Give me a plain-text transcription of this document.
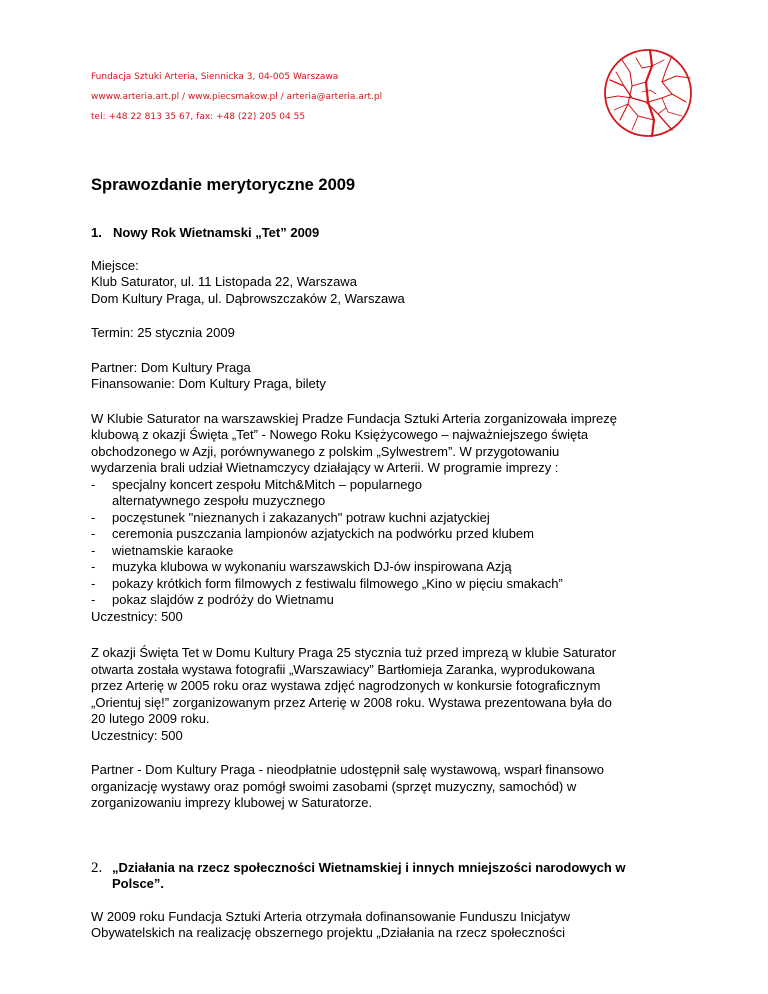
Fundacja Sztuki Arteria, Siennicka 3, 04-005 Warszawa
wwww.arteria.art.pl / www.piecsmakow.pl / arteria@arteria.art.pl
tel: +48 22 813 35 67, fax: +48 (22) 205 04 55
Sprawozdanie merytoryczne 2009
1. Nowy Rok Wietnamski „Tet” 2009

Miejsce:

Klub Saturator, ul. 11 Listopada 22, Warszawa

Dom Kultury Praga, ul. Dąbrowszczaków 2, Warszawa

Termin: 25 stycznia 2009

Partner: Dom Kultury Praga

Finansowanie: Dom Kultury Praga, bilety

W Klubie Saturator na warszawskiej Pradze Fundacja Sztuki Arteria zorganizowała imprezę

klubową z okazji Święta „Tet” - Nowego Roku Księżycowego – najważniejszego święta

obchodzonego w Azji, porównywanego z polskim „Sylwestrem”. W przygotowaniu

wydarzenia brali udział Wietnamczycy działający w Arterii. W programie imprezy :

- specjalny koncert zespołu Mitch&Mitch – popularnego alternatywnego zespołu muzycznego
- poczęstunek "nieznanych i zakazanych" potraw kuchni azjatyckiej
- ceremonia puszczania lampionów azjatyckich na podwórku przed klubem
- wietnamskie karaoke
- muzyka klubowa w wykonaniu warszawskich DJ-ów inspirowana Azją
- pokazy krótkich form filmowych z festiwalu filmowego „Kino w pięciu smakach”
- pokaz slajdów z podróży do Wietnamu

Uczestnicy: 500

Z okazji Święta Tet w Domu Kultury Praga 25 stycznia tuż przed imprezą w klubie Saturator

otwarta została wystawa fotografii „Warszawiacy” Bartłomieja Zaranka, wyprodukowana

przez Arterię w 2005 roku oraz wystawa zdjęć nagrodzonych w konkursie fotograficznym

„Orientuj się!” zorganizowanym przez Arterię w 2008 roku. Wystawa prezentowana była do

20 lutego 2009 roku.

Uczestnicy: 500

Partner - Dom Kultury Praga - nieodpłatnie udostępnił salę wystawową, wsparł finansowo

organizację wystawy oraz pomógł swoimi zasobami (sprzęt muzyczny, samochód) w

zorganizowaniu imprezy klubowej w Saturatorze.

2. „Działania na rzecz społeczności Wietnamskiej i innych mniejszości narodowych w

Polsce”.

W 2009 roku Fundacja Sztuki Arteria otrzymała dofinansowanie Funduszu Inicjatyw

Obywatelskich na realizację obszernego projektu „Działania na rzecz społeczności
